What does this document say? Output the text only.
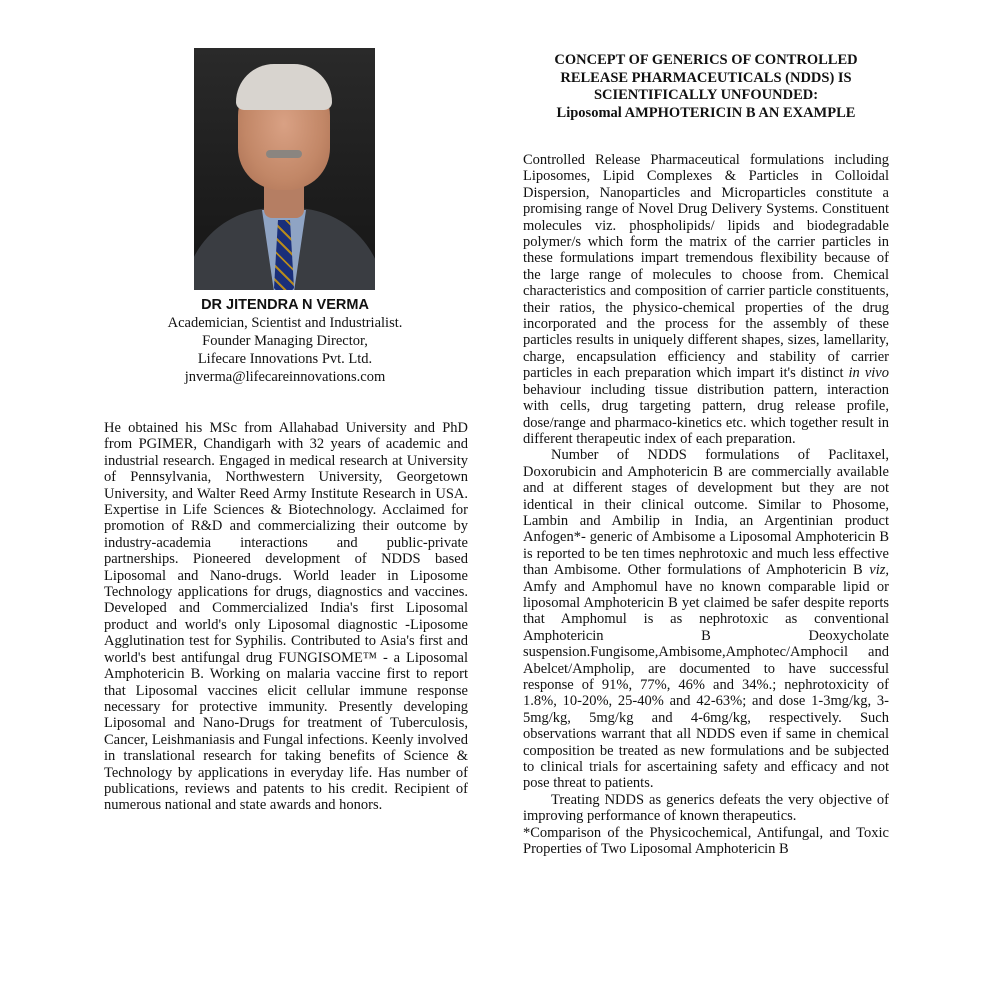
DR JITENDRA N VERMA
Academician, Scientist and Industrialist.
Founder Managing Director,
Lifecare Innovations Pvt. Ltd.
jnverma@lifecareinnovations.com
He obtained his MSc from Allahabad University and PhD from PGIMER, Chandigarh with 32 years of academic and industrial research. Engaged in medical research at University of Pennsylvania, Northwestern University, Georgetown University, and Walter Reed Army Institute Research in USA. Expertise in Life Sciences & Biotechnology. Acclaimed for promotion of R&D and commercializing their outcome by industry-academia interactions and public-private partnerships. Pioneered development of NDDS based Liposomal and Nano-drugs. World leader in Liposome Technology applications for drugs, diagnostics and vaccines. Developed and Commercialized India's first Liposomal product and world's only Liposomal diagnostic -Liposome Agglutination test for Syphilis. Contributed to Asia's first and world's best antifungal drug FUNGISOME™ - a Liposomal Amphotericin B. Working on malaria vaccine first to report that Liposomal vaccines elicit cellular immune response necessary for protective immunity. Presently developing Liposomal and Nano-Drugs for treatment of Tuberculosis, Cancer, Leishmaniasis and Fungal infections. Keenly involved in translational research for taking benefits of Science & Technology by applications in everyday life. Has number of publications, reviews and patents to his credit. Recipient of numerous national and state awards and honors.
CONCEPT OF GENERICS OF CONTROLLED
RELEASE PHARMACEUTICALS (NDDS) IS
SCIENTIFICALLY UNFOUNDED:
Liposomal AMPHOTERICIN B AN EXAMPLE

Controlled Release Pharmaceutical formulations including Liposomes, Lipid Complexes & Particles in Colloidal Dispersion, Nanoparticles and Microparticles constitute a promising range of Novel Drug Delivery Systems. Constituent molecules viz. phospholipids/ lipids and biodegradable polymer/s which form the matrix of the carrier particles in these formulations impart tremendous flexibility because of the large range of molecules to choose from. Chemical characteristics and composition of carrier particle constituents, their ratios, the physico-chemical properties of the drug incorporated and the process for the assembly of these particles results in uniquely different shapes, sizes, lamellarity, charge, encapsulation efficiency and stability of carrier particles in each preparation which impart it's distinct in vivo behaviour including tissue distribution pattern, interaction with cells, drug targeting pattern, drug release profile, dose/range and pharmaco-kinetics etc. which together result in different therapeutic index of each preparation.

Number of NDDS formulations of Paclitaxel, Doxorubicin and Amphotericin B are commercially available and at different stages of development but they are not identical in their clinical outcome. Similar to Phosome, Lambin and Ambilip in India, an Argentinian product Anfogen*- generic of Ambisome a Liposomal Amphotericin B is reported to be ten times nephrotoxic and much less effective than Ambisome. Other formulations of Amphotericin B viz, Amfy and Amphomul have no known comparable lipid or liposomal Amphotericin B yet claimed be safer despite reports that Amphomul is as nephrotoxic as conventional Amphotericin B Deoxycholate suspension.Fungisome,Ambisome,Amphotec/Amphocil and Abelcet/Ampholip, are documented to have successful response of 91%, 77%, 46% and 34%.; nephrotoxicity of 1.8%, 10-20%, 25-40% and 42-63%; and dose 1-3mg/kg, 3-5mg/kg, 5mg/kg and 4-6mg/kg, respectively. Such observations warrant that all NDDS even if same in chemical composition be treated as new formulations and be subjected to clinical trials for ascertaining safety and efficacy and not pose threat to patients.

Treating NDDS as generics defeats the very objective of improving performance of known therapeutics.

*Comparison of the Physicochemical, Antifungal, and Toxic Properties of Two Liposomal Amphotericin B
